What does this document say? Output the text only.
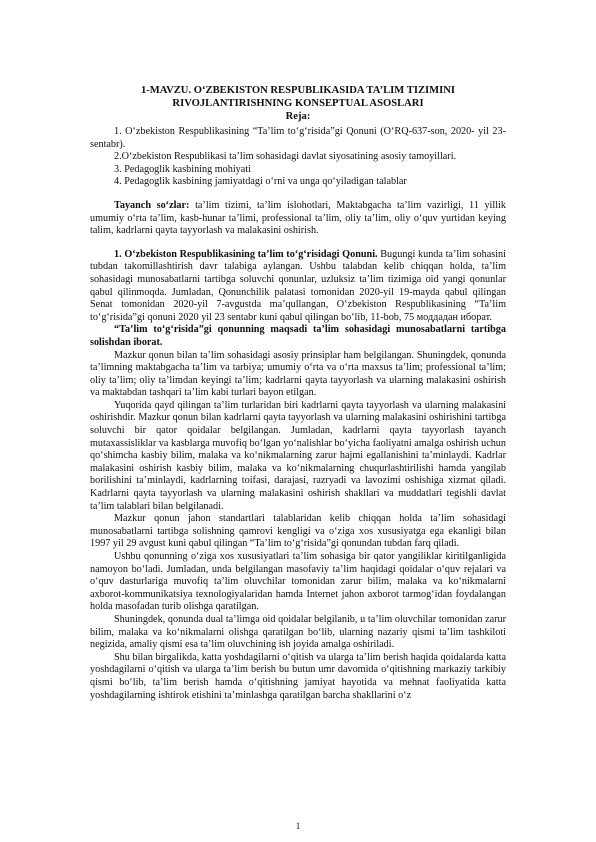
1-MAVZU. O‘ZBEKISTON RESPUBLIKASIDA TA’LIM TIZIMINI
RIVOJLANTIRISHNING KONSEPTUAL ASOSLARI
Reja:

1. O‘zbekiston Respublikasining “Ta’lim to‘g‘risida”gi Qonuni (O‘RQ-637-son, 2020- yil 23-sentabr).

2.O‘zbekiston Respublikasi ta’lim sohasidagi davlat siyosatining asosiy tamoyillari.

3. Pedagoglik kasbining mohiyati

4. Pedagoglik kasbining jamiyatdagi o‘rni va unga qo‘yiladigan talablar

Tayanch so‘zlar: ta’lim tizimi, ta’lim islohotlari, Maktabgacha ta’lim vazirligi, 11 yillik umumiy o‘rta ta’lim, kasb-hunar ta’limi, professional ta’lim, oliy ta’lim, oliy o‘quv yurtidan keying talim, kadrlarni qayta tayyorlash va malakasini oshirish.

1. O‘zbekiston Respublikasining ta’lim to‘g‘risidagi Qonuni. Bugungi kunda ta’lim sohasini tubdan takomillashtirish davr talabiga aylangan. Ushbu talabdan kelib chiqqan holda, ta’lim sohasidagi munosabatlarni tartibga soluvchi qonunlar, uzluksiz ta’lim tizimiga oid yangi qonunlar qabul qilinmoqda. Jumladan, Qonunchilik palatasi tomonidan 2020-yil 19-mayda qabul qilingan Senat tomonidan 2020-yil 7-avgustda ma’qullangan, O‘zbekiston Respublikasining “Ta’lim to‘g‘risida”gi qonuni 2020 yil 23 sentabr kuni qabul qilingan bo‘lib, 11-bob, 75 моддадан иборат.

“Ta’lim to‘g‘risida”gi qonunning maqsadi ta’lim sohasidagi munosabatlarni tartibga solishdan iborat.

Mazkur qonun bilan ta’lim sohasidagi asosiy prinsiplar ham belgilangan. Shuningdek, qonunda ta’limning maktabgacha ta’lim va tarbiya; umumiy o‘rta va o‘rta maxsus ta’lim; professional ta’lim; oliy ta’lim; oliy ta’limdan keyingi ta’lim; kadrlarni qayta tayyorlash va ularning malakasini oshirish va maktabdan tashqari ta’lim kabi turlari bayon etilgan.

Yuqorida qayd qilingan ta’lim turlaridan biri kadrlarni qayta tayyorlash va ularning malakasini oshirishdir. Mazkur qonun bilan kadrlarni qayta tayyorlash va ularning malakasini oshirishini tartibga soluvchi bir qator qoidalar belgilangan. Jumladan, kadrlarni qayta tayyorlash tayanch mutaxassisliklar va kasblarga muvofiq bo‘lgan yo‘nalishlar bo‘yicha faoliyatni amalga oshirish uchun qo‘shimcha kasbiy bilim, malaka va ko‘nikmalarning zarur hajmi egallanishini ta’minlaydi. Kadrlar malakasini oshirish kasbiy bilim, malaka va ko‘nikmalarning chuqurlashtirilishi hamda yangilab borilishini ta’minlaydi, kadrlarning toifasi, darajasi, razryadi va lavozimi oshishiga xizmat qiladi. Kadrlarni qayta tayyorlash va ularning malakasini oshirish shakllari va muddatlari tegishli davlat ta’lim talablari bilan belgilanadi.

Mazkur qonun jahon standartlari talablaridan kelib chiqqan holda ta’lim sohasidagi munosabatlarni tartibga solishning qamrovi kengligi va o‘ziga xos xususiyatga ega ekanligi bilan 1997 yil 29 avgust kuni qabul qilingan “Ta’lim to‘g‘risida”gi qonundan tubdan farq qiladi.

Ushbu qonunning o‘ziga xos xususiyatlari ta’lim sohasiga bir qator yangiliklar kiritilganligida namoyon bo‘ladi. Jumladan, unda belgilangan masofaviy ta’lim haqidagi qoidalar o‘quv rejalari va o‘quv dasturlariga muvofiq ta’lim oluvchilar tomonidan zarur bilim, malaka va ko‘nikmalarni axborot-kommunikatsiya texnologiyalaridan hamda Internet jahon axborot tarmog‘idan foydalangan holda masofadan turib olishga qaratilgan.

Shuningdek, qonunda dual ta’limga oid qoidalar belgilanib, u ta’lim oluvchilar tomonidan zarur bilim, malaka va ko‘nikmalarni olishga qaratilgan bo‘lib, ularning nazariy qismi ta’lim tashkiloti negizida, amaliy qismi esa ta’lim oluvchining ish joyida amalga oshiriladi.

Shu bilan birgalikda, katta yoshdagilarni o‘qitish va ularga ta’lim berish haqida qoidalarda katta yoshdagilarni o‘qitish va ularga ta’lim berish bu butun umr davomida o‘qitishning markaziy tarkibiy qismi bo‘lib, ta’lim berish hamda o‘qitishning jamiyat hayotida va mehnat faoliyatida katta yoshdagilarning ishtirok etishini ta’minlashga qaratilgan barcha shakllarini o‘z

1
